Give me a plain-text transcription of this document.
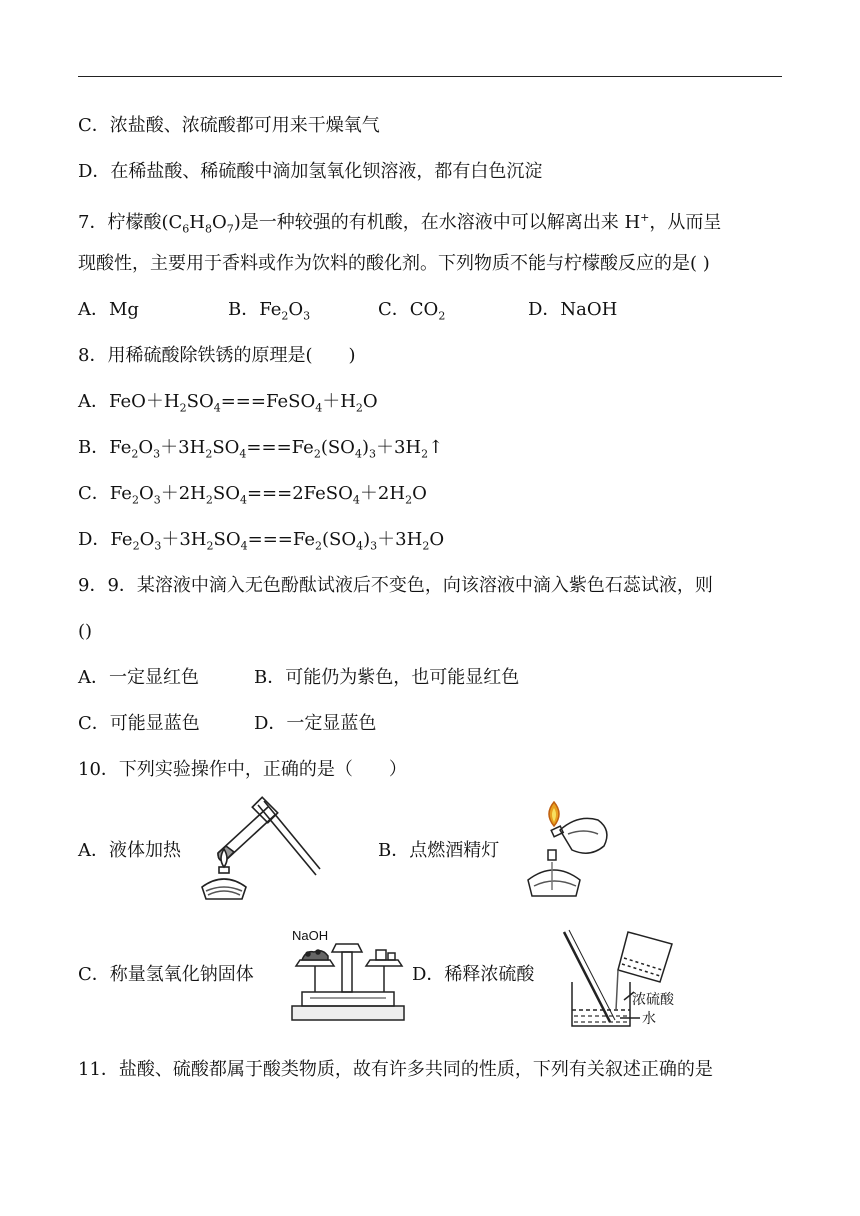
C．浓盐酸、浓硫酸都可用来干燥氧气
D．在稀盐酸、稀硫酸中滴加氢氧化钡溶液，都有白色沉淀
7．柠檬酸$(C_6H_8O_7)$是一种较强的有机酸，在水溶液中可以解离出来 H+，从而呈
现酸性，主要用于香料或作为饮料的酸化剂。下列物质不能与柠檬酸反应的是( )
A．Mg	B．$Fe_2O_3$	C．$CO_2$	D．NaOH
8．用稀硫酸除铁锈的原理是(　　)
A．$FeO+H_2SO_4===FeSO_4+H_2O$
B．$Fe_2O_3+3H_2SO_4===Fe_2(SO_4)_3+3H_2↑$
C．$Fe_2O_3+2H_2SO_4===2FeSO_4+2H_2O$
D．$Fe_2O_3+3H_2SO_4===Fe_2(SO_4)_3+3H_2O$
9．9．某溶液中滴入无色酚酞试液后不变色，向该溶液中滴入紫色石蕊试液，则
()
A．一定显红色	B．可能仍为紫色，也可能显红色
C．可能显蓝色	D．一定显蓝色
10．下列实验操作中，正确的是（　　）
A．液体加热	B．点燃酒精灯
C．称量氢氧化钠固体	D．稀释浓硫酸
NaOH
浓硫酸
水
11．盐酸、硫酸都属于酸类物质，故有许多共同的性质，下列有关叙述正确的是
